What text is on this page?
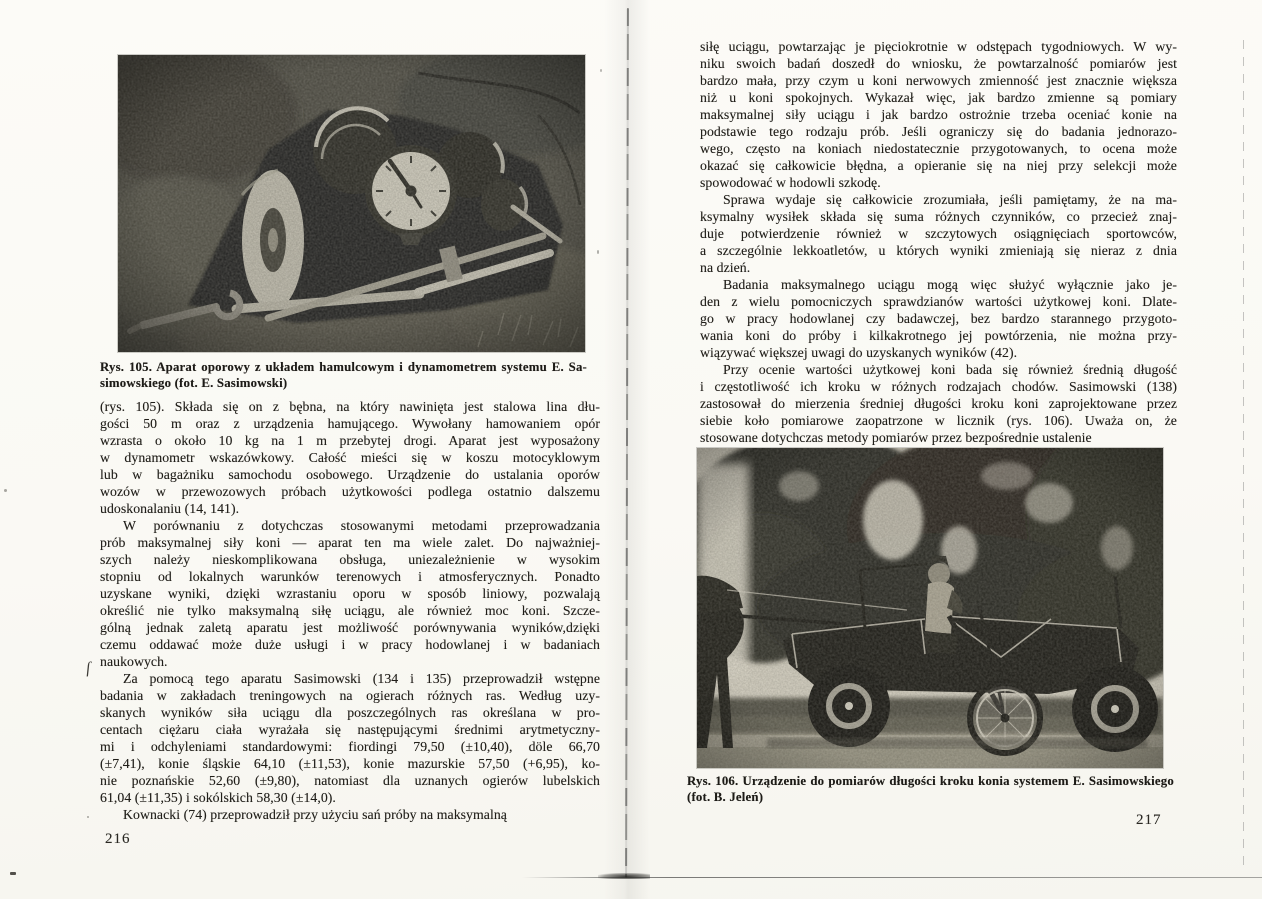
Rys. 105. Aparat oporowy z układem hamulcowym i dynamometrem systemu E. Sa-
simowskiego (fot. E. Sasimowski)
(rys. 105). Składa się on z bębna, na który nawinięta jest stalowa lina dłu-
gości 50 m oraz z urządzenia hamującego. Wywołany hamowaniem opór
wzrasta o około 10 kg na 1 m przebytej drogi. Aparat jest wyposażony
w dynamometr wskazówkowy. Całość mieści się w koszu motocyklowym
lub w bagażniku samochodu osobowego. Urządzenie do ustalania oporów
wozów w przewozowych próbach użytkowości podlega ostatnio dalszemu
udoskonalaniu (14, 141).
W porównaniu z dotychczas stosowanymi metodami przeprowadzania
prób maksymalnej siły koni — aparat ten ma wiele zalet. Do najważniej-
szych należy nieskomplikowana obsługa, uniezależnienie w wysokim
stopniu od lokalnych warunków terenowych i atmosferycznych. Ponadto
uzyskane wyniki, dzięki wzrastaniu oporu w sposób liniowy, pozwalają
określić nie tylko maksymalną siłę uciągu, ale również moc koni. Szcze-
gólną jednak zaletą aparatu jest możliwość porównywania wyników,dzięki
czemu oddawać może duże usługi i w pracy hodowlanej i w badaniach
naukowych.
Za pomocą tego aparatu Sasimowski (134 i 135) przeprowadził wstępne
badania w zakładach treningowych na ogierach różnych ras. Według uzy-
skanych wyników siła uciągu dla poszczególnych ras określana w pro-
centach ciężaru ciała wyrażała się następującymi średnimi arytmetyczny-
mi i odchyleniami standardowymi: fiordingi 79,50 (±10,40), döle 66,70
(±7,41), konie śląskie 64,10 (±11,53), konie mazurskie 57,50 (+6,95), ko-
nie poznańskie 52,60 (±9,80), natomiast dla uznanych ogierów lubelskich
61,04 (±11,35) i sokólskich 58,30 (±14,0).
Kownacki (74) przeprowadził przy użyciu sań próby na maksymalną
216
siłę uciągu, powtarzając je pięciokrotnie w odstępach tygodniowych. W wy-
niku swoich badań doszedł do wniosku, że powtarzalność pomiarów jest
bardzo mała, przy czym u koni nerwowych zmienność jest znacznie większa
niż u koni spokojnych. Wykazał więc, jak bardzo zmienne są pomiary
maksymalnej siły uciągu i jak bardzo ostrożnie trzeba oceniać konie na
podstawie tego rodzaju prób. Jeśli ograniczy się do badania jednorazo-
wego, często na koniach niedostatecznie przygotowanych, to ocena może
okazać się całkowicie błędna, a opieranie się na niej przy selekcji może
spowodować w hodowli szkodę.
Sprawa wydaje się całkowicie zrozumiała, jeśli pamiętamy, że na ma-
ksymalny wysiłek składa się suma różnych czynników, co przecież znaj-
duje potwierdzenie również w szczytowych osiągnięciach sportowców,
a szczególnie lekkoatletów, u których wyniki zmieniają się nieraz z dnia
na dzień.
Badania maksymalnego uciągu mogą więc służyć wyłącznie jako je-
den z wielu pomocniczych sprawdzianów wartości użytkowej koni. Dlate-
go w pracy hodowlanej czy badawczej, bez bardzo starannego przygoto-
wania koni do próby i kilkakrotnego jej powtórzenia, nie można przy-
wiązywać większej uwagi do uzyskanych wyników (42).
Przy ocenie wartości użytkowej koni bada się również średnią długość
i częstotliwość ich kroku w różnych rodzajach chodów. Sasimowski (138)
zastosował do mierzenia średniej długości kroku koni zaprojektowane przez
siebie koło pomiarowe zaopatrzone w licznik (rys. 106). Uważa on, że
stosowane dotychczas metody pomiarów przez bezpośrednie ustalenie
Rys. 106. Urządzenie do pomiarów długości kroku konia systemem E. Sasimowskiego
(fot. B. Jeleń)
217
ſ
